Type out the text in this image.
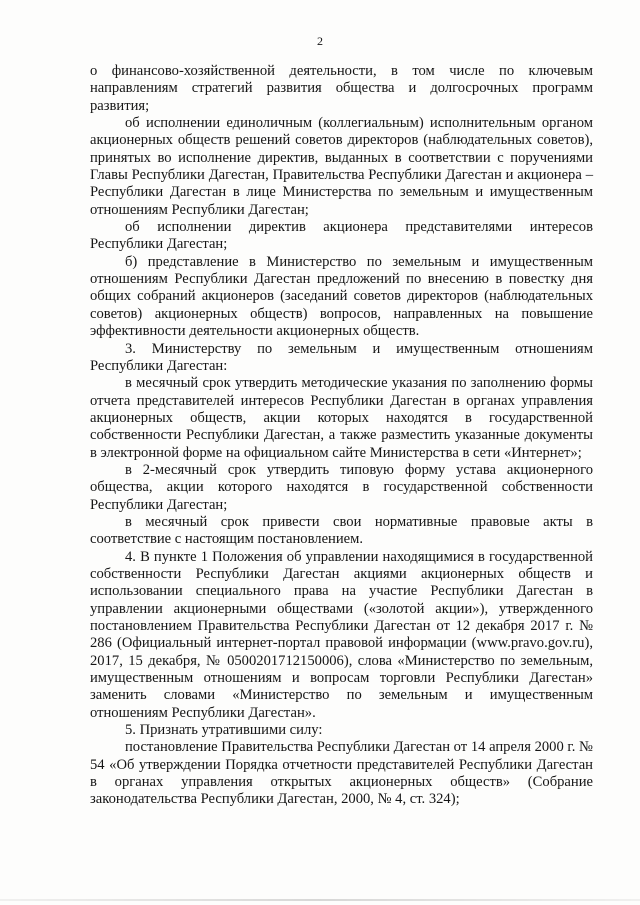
2

о финансово-хозяйственной деятельности, в том числе по ключевым направлениям стратегий развития общества и долгосрочных программ развития;

об исполнении единоличным (коллегиальным) исполнительным органом акционерных обществ решений советов директоров (наблюдательных советов), принятых во исполнение директив, выданных в соответствии с поручениями Главы Республики Дагестан, Правительства Республики Дагестан и акционера – Республики Дагестан в лице Министерства по земельным и имущественным отношениям Республики Дагестан;

об исполнении директив акционера представителями интересов Республики Дагестан;

б) представление в Министерство по земельным и имущественным отношениям Республики Дагестан предложений по внесению в повестку дня общих собраний акционеров (заседаний советов директоров (наблюдательных советов) акционерных обществ) вопросов, направленных на повышение эффективности деятельности акционерных обществ.

3. Министерству по земельным и имущественным отношениям Республики Дагестан:

в месячный срок утвердить методические указания по заполнению формы отчета представителей интересов Республики Дагестан в органах управления акционерных обществ, акции которых находятся в государственной собственности Республики Дагестан, а также разместить указанные документы в электронной форме на официальном сайте Министерства в сети «Интернет»;

в 2-месячный срок утвердить типовую форму устава акционерного общества, акции которого находятся в государственной собственности Республики Дагестан;

в месячный срок привести свои нормативные правовые акты в соответствие с настоящим постановлением.

4. В пункте 1 Положения об управлении находящимися в государственной собственности Республики Дагестан акциями акционерных обществ и использовании специального права на участие Республики Дагестан в управлении акционерными обществами («золотой акции»), утвержденного постановлением Правительства Республики Дагестан от 12 декабря 2017 г. № 286 (Официальный интернет-портал правовой информации (www.pravo.gov.ru), 2017, 15 декабря, № 0500201712150006), слова «Министерство по земельным, имущественным отношениям и вопросам торговли Республики Дагестан» заменить словами «Министерство по земельным и имущественным отношениям Республики Дагестан».

5. Признать утратившими силу:

постановление Правительства Республики Дагестан от 14 апреля 2000 г. № 54 «Об утверждении Порядка отчетности представителей Республики Дагестан в органах управления открытых акционерных обществ» (Собрание законодательства Республики Дагестан, 2000, № 4, ст. 324);
